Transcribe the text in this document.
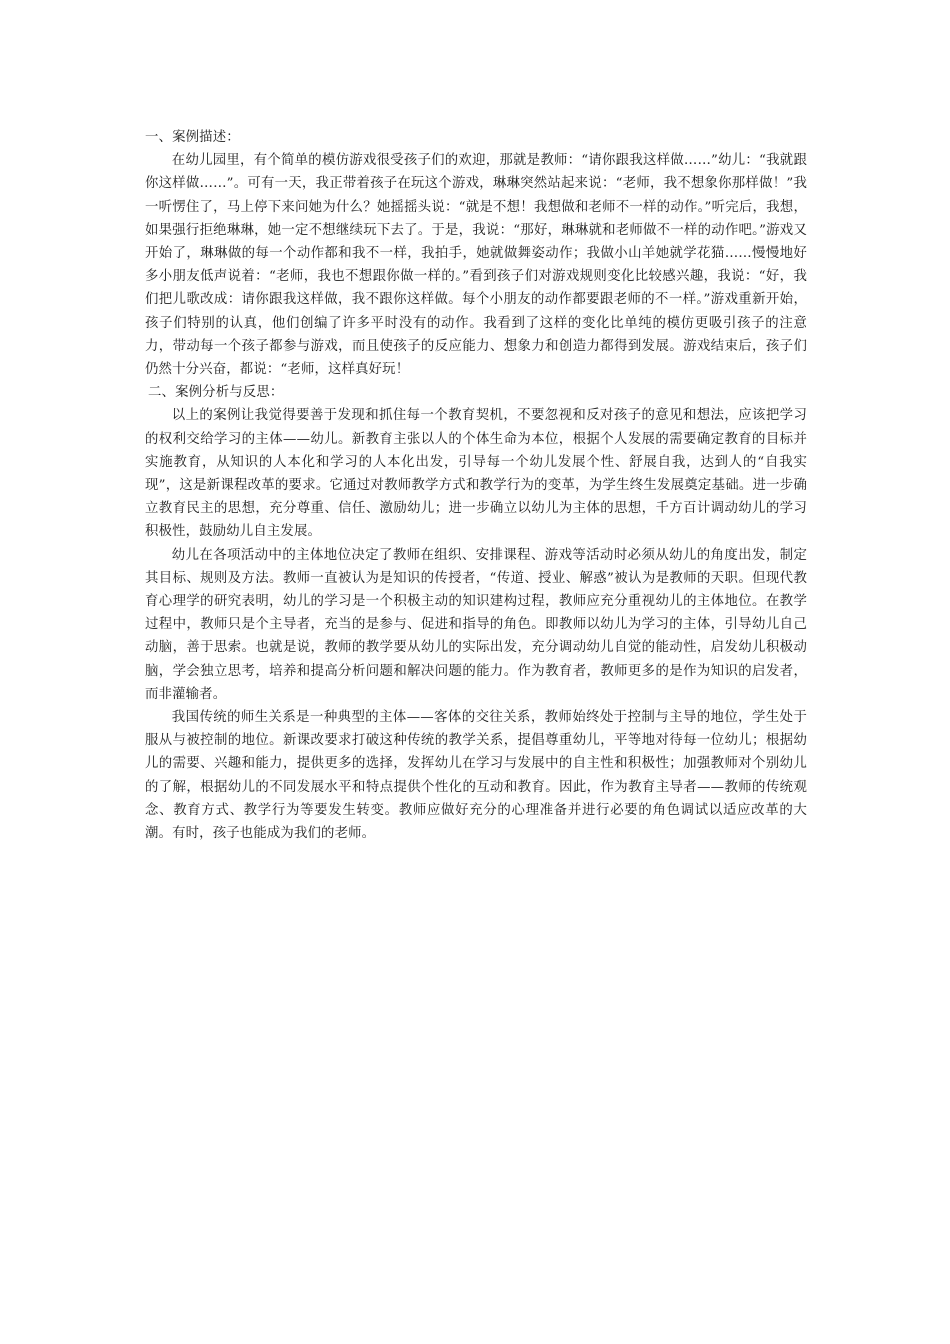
一、案例描述：

在幼儿园里，有个简单的模仿游戏很受孩子们的欢迎，那就是教师：“请你跟我这样做……”幼儿：“我就跟你这样做……”。可有一天，我正带着孩子在玩这个游戏，琳琳突然站起来说：“老师，我不想象你那样做！”我一听愣住了，马上停下来问她为什么？她摇摇头说：“就是不想！我想做和老师不一样的动作。”听完后，我想，如果强行拒绝琳琳，她一定不想继续玩下去了。于是，我说：“那好，琳琳就和老师做不一样的动作吧。”游戏又开始了，琳琳做的每一个动作都和我不一样，我拍手，她就做舞姿动作；我做小山羊她就学花猫……慢慢地好多小朋友低声说着：“老师，我也不想跟你做一样的。”看到孩子们对游戏规则变化比较感兴趣，我说：“好，我们把儿歌改成：请你跟我这样做，我不跟你这样做。每个小朋友的动作都要跟老师的不一样。”游戏重新开始，孩子们特别的认真，他们创编了许多平时没有的动作。我看到了这样的变化比单纯的模仿更吸引孩子的注意力，带动每一个孩子都参与游戏，而且使孩子的反应能力、想象力和创造力都得到发展。游戏结束后，孩子们仍然十分兴奋，都说：“老师，这样真好玩！

二、案例分析与反思：

以上的案例让我觉得要善于发现和抓住每一个教育契机，不要忽视和反对孩子的意见和想法，应该把学习的权利交给学习的主体——幼儿。新教育主张以人的个体生命为本位，根据个人发展的需要确定教育的目标并实施教育，从知识的人本化和学习的人本化出发，引导每一个幼儿发展个性、舒展自我，达到人的“自我实现”，这是新课程改革的要求。它通过对教师教学方式和教学行为的变革，为学生终生发展奠定基础。进一步确立教育民主的思想，充分尊重、信任、激励幼儿；进一步确立以幼儿为主体的思想，千方百计调动幼儿的学习积极性，鼓励幼儿自主发展。

幼儿在各项活动中的主体地位决定了教师在组织、安排课程、游戏等活动时必须从幼儿的角度出发，制定其目标、规则及方法。教师一直被认为是知识的传授者，“传道、授业、解惑”被认为是教师的天职。但现代教育心理学的研究表明，幼儿的学习是一个积极主动的知识建构过程，教师应充分重视幼儿的主体地位。在教学过程中，教师只是个主导者，充当的是参与、促进和指导的角色。即教师以幼儿为学习的主体，引导幼儿自己动脑，善于思索。也就是说，教师的教学要从幼儿的实际出发，充分调动幼儿自觉的能动性，启发幼儿积极动脑，学会独立思考，培养和提高分析问题和解决问题的能力。作为教育者，教师更多的是作为知识的启发者，而非灌输者。

我国传统的师生关系是一种典型的主体——客体的交往关系，教师始终处于控制与主导的地位，学生处于服从与被控制的地位。新课改要求打破这种传统的教学关系，提倡尊重幼儿，平等地对待每一位幼儿；根据幼儿的需要、兴趣和能力，提供更多的选择，发挥幼儿在学习与发展中的自主性和积极性；加强教师对个别幼儿的了解，根据幼儿的不同发展水平和特点提供个性化的互动和教育。因此，作为教育主导者——教师的传统观念、教育方式、教学行为等要发生转变。教师应做好充分的心理准备并进行必要的角色调试以适应改革的大潮。有时，孩子也能成为我们的老师。
